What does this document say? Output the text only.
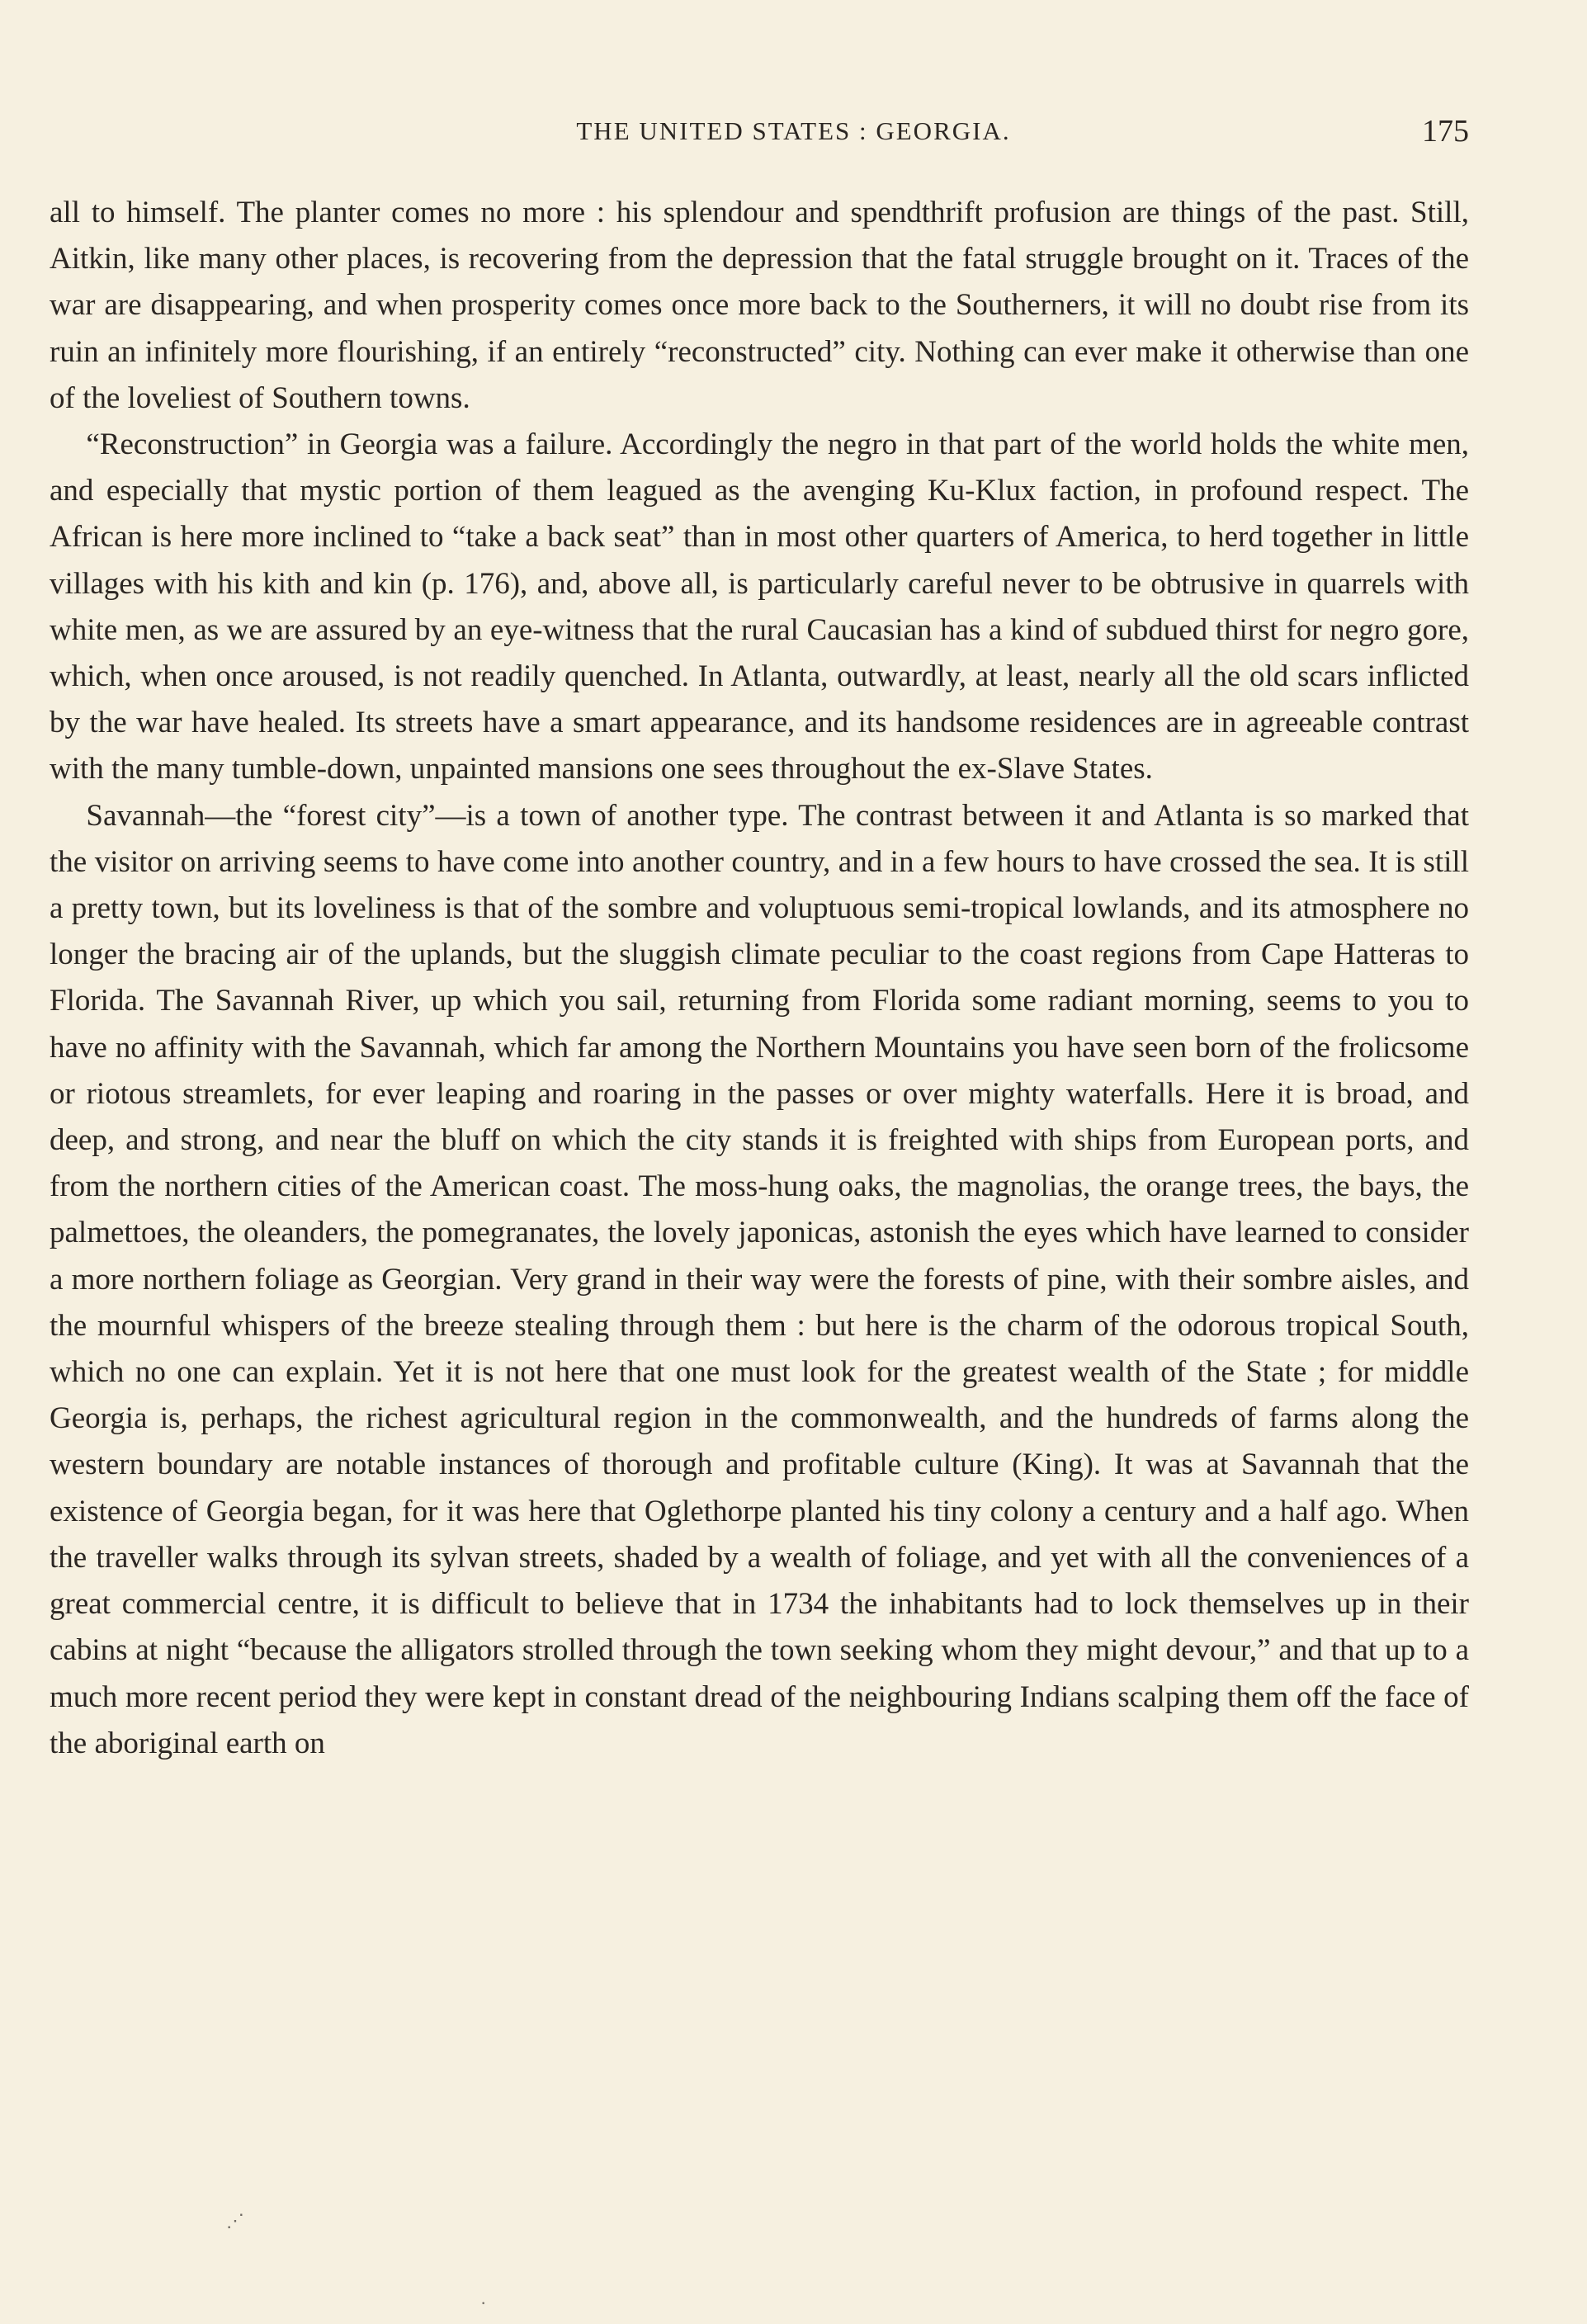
THE UNITED STATES : GEORGIA.	175

all to himself. The planter comes no more : his splendour and spendthrift profusion are things of the past. Still, Aitkin, like many other places, is recovering from the depression that the fatal struggle brought on it. Traces of the war are disappearing, and when prosperity comes once more back to the Southerners, it will no doubt rise from its ruin an infinitely more flourishing, if an entirely “reconstructed” city. Nothing can ever make it otherwise than one of the loveliest of Southern towns.

“Reconstruction” in Georgia was a failure. Accordingly the negro in that part of the world holds the white men, and especially that mystic portion of them leagued as the avenging Ku-Klux faction, in profound respect. The African is here more inclined to “take a back seat” than in most other quarters of America, to herd together in little villages with his kith and kin (p. 176), and, above all, is particularly careful never to be obtrusive in quarrels with white men, as we are assured by an eye-witness that the rural Caucasian has a kind of subdued thirst for negro gore, which, when once aroused, is not readily quenched. In Atlanta, outwardly, at least, nearly all the old scars inflicted by the war have healed. Its streets have a smart appearance, and its handsome residences are in agreeable contrast with the many tumble-down, unpainted mansions one sees throughout the ex-Slave States.

Savannah—the “forest city”—is a town of another type. The contrast between it and Atlanta is so marked that the visitor on arriving seems to have come into another country, and in a few hours to have crossed the sea. It is still a pretty town, but its loveliness is that of the sombre and voluptuous semi-tropical lowlands, and its atmosphere no longer the bracing air of the uplands, but the sluggish climate peculiar to the coast regions from Cape Hatteras to Florida. The Savannah River, up which you sail, returning from Florida some radiant morning, seems to you to have no affinity with the Savannah, which far among the Northern Mountains you have seen born of the frolicsome or riotous streamlets, for ever leaping and roaring in the passes or over mighty waterfalls. Here it is broad, and deep, and strong, and near the bluff on which the city stands it is freighted with ships from European ports, and from the northern cities of the American coast. The moss-hung oaks, the magnolias, the orange trees, the bays, the palmettoes, the oleanders, the pomegranates, the lovely japonicas, astonish the eyes which have learned to consider a more northern foliage as Georgian. Very grand in their way were the forests of pine, with their sombre aisles, and the mournful whispers of the breeze stealing through them : but here is the charm of the odorous tropical South, which no one can explain. Yet it is not here that one must look for the greatest wealth of the State ; for middle Georgia is, perhaps, the richest agricultural region in the commonwealth, and the hundreds of farms along the western boundary are notable instances of thorough and profitable culture (King). It was at Savannah that the existence of Georgia began, for it was here that Oglethorpe planted his tiny colony a century and a half ago. When the traveller walks through its sylvan streets, shaded by a wealth of foliage, and yet with all the conveniences of a great commercial centre, it is difficult to believe that in 1734 the inhabitants had to lock themselves up in their cabins at night “because the alligators strolled through the town seeking whom they might devour,” and that up to a much more recent period they were kept in constant dread of the neighbouring Indians scalping them off the face of the aboriginal earth on

⋰
·
